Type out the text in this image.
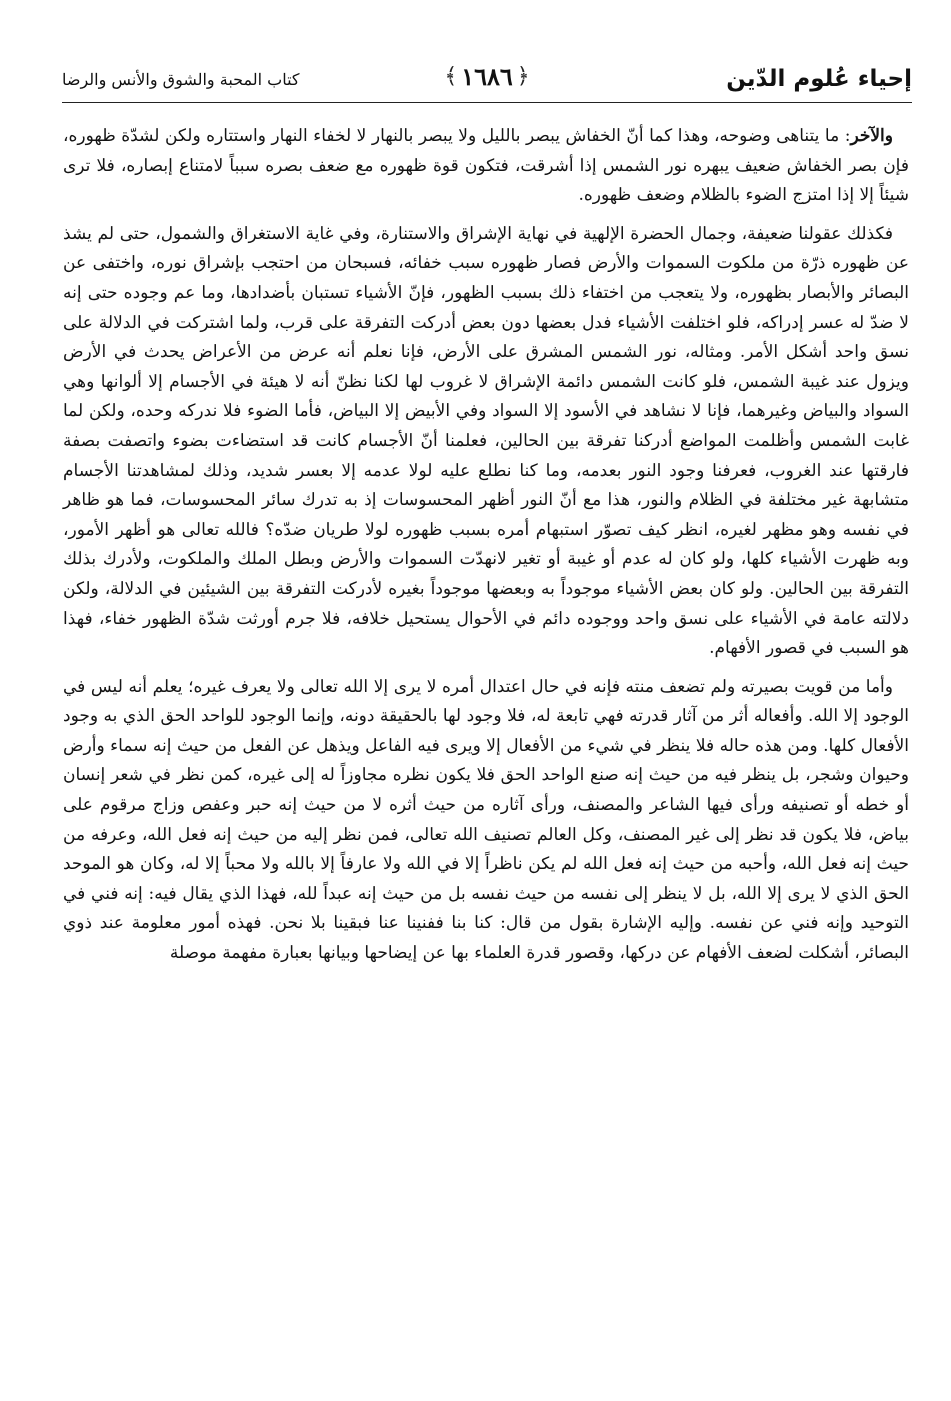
إحياء عُلوم الدّين
﴿
١٦٨٦
﴾
كتاب المحبة والشوق والأنس والرضا

والآخر: ما يتناهى وضوحه، وهذا كما أنّ الخفاش يبصر بالليل ولا يبصر بالنهار لا لخفاء النهار واستتاره ولكن لشدّة ظهوره، فإن بصر الخفاش ضعيف يبهره نور الشمس إذا أشرقت، فتكون قوة ظهوره مع ضعف بصره سبباً لامتناع إبصاره، فلا ترى شيئاً إلا إذا امتزج الضوء بالظلام وضعف ظهوره.

فكذلك عقولنا ضعيفة، وجمال الحضرة الإلهية في نهاية الإشراق والاستنارة، وفي غاية الاستغراق والشمول، حتى لم يشذ عن ظهوره ذرّة من ملكوت السموات والأرض فصار ظهوره سبب خفائه، فسبحان من احتجب بإشراق نوره، واختفى عن البصائر والأبصار بظهوره، ولا يتعجب من اختفاء ذلك بسبب الظهور، فإنّ الأشياء تستبان بأضدادها، وما عم وجوده حتى إنه لا ضدّ له عسر إدراكه، فلو اختلفت الأشياء فدل بعضها دون بعض أدركت التفرقة على قرب، ولما اشتركت في الدلالة على نسق واحد أشكل الأمر. ومثاله، نور الشمس المشرق على الأرض، فإنا نعلم أنه عرض من الأعراض يحدث في الأرض ويزول عند غيبة الشمس، فلو كانت الشمس دائمة الإشراق لا غروب لها لكنا نظنّ أنه لا هيئة في الأجسام إلا ألوانها وهي السواد والبياض وغيرهما، فإنا لا نشاهد في الأسود إلا السواد وفي الأبيض إلا البياض، فأما الضوء فلا ندركه وحده، ولكن لما غابت الشمس وأظلمت المواضع أدركنا تفرقة بين الحالين، فعلمنا أنّ الأجسام كانت قد استضاءت بضوء واتصفت بصفة فارقتها عند الغروب، فعرفنا وجود النور بعدمه، وما كنا نطلع عليه لولا عدمه إلا بعسر شديد، وذلك لمشاهدتنا الأجسام متشابهة غير مختلفة في الظلام والنور، هذا مع أنّ النور أظهر المحسوسات إذ به تدرك سائر المحسوسات، فما هو ظاهر في نفسه وهو مظهر لغيره، انظر كيف تصوّر استبهام أمره بسبب ظهوره لولا طريان ضدّه؟ فالله تعالى هو أظهر الأمور، وبه ظهرت الأشياء كلها، ولو كان له عدم أو غيبة أو تغير لانهدّت السموات والأرض وبطل الملك والملكوت، ولأدرك بذلك التفرقة بين الحالين. ولو كان بعض الأشياء موجوداً به وبعضها موجوداً بغيره لأدركت التفرقة بين الشيئين في الدلالة، ولكن دلالته عامة في الأشياء على نسق واحد ووجوده دائم في الأحوال يستحيل خلافه، فلا جرم أورثت شدّة الظهور خفاء، فهذا هو السبب في قصور الأفهام.

وأما من قويت بصيرته ولم تضعف منته فإنه في حال اعتدال أمره لا يرى إلا الله تعالى ولا يعرف غيره؛ يعلم أنه ليس في الوجود إلا الله. وأفعاله أثر من آثار قدرته فهي تابعة له، فلا وجود لها بالحقيقة دونه، وإنما الوجود للواحد الحق الذي به وجود الأفعال كلها. ومن هذه حاله فلا ينظر في شيء من الأفعال إلا ويرى فيه الفاعل ويذهل عن الفعل من حيث إنه سماء وأرض وحيوان وشجر، بل ينظر فيه من حيث إنه صنع الواحد الحق فلا يكون نظره مجاوزاً له إلى غيره، كمن نظر في شعر إنسان أو خطه أو تصنيفه ورأى فيها الشاعر والمصنف، ورأى آثاره من حيث أثره لا من حيث إنه حبر وعفص وزاج مرقوم على بياض، فلا يكون قد نظر إلى غير المصنف، وكل العالم تصنيف الله تعالى، فمن نظر إليه من حيث إنه فعل الله، وعرفه من حيث إنه فعل الله، وأحبه من حيث إنه فعل الله لم يكن ناظراً إلا في الله ولا عارفاً إلا بالله ولا محباً إلا له، وكان هو الموحد الحق الذي لا يرى إلا الله، بل لا ينظر إلى نفسه من حيث نفسه بل من حيث إنه عبداً لله، فهذا الذي يقال فيه: إنه فني في التوحيد وإنه فني عن نفسه. وإليه الإشارة بقول من قال: كنا بنا ففنينا عنا فبقينا بلا نحن. فهذه أمور معلومة عند ذوي البصائر، أشكلت لضعف الأفهام عن دركها، وقصور قدرة العلماء بها عن إيضاحها وبيانها بعبارة مفهمة موصلة
